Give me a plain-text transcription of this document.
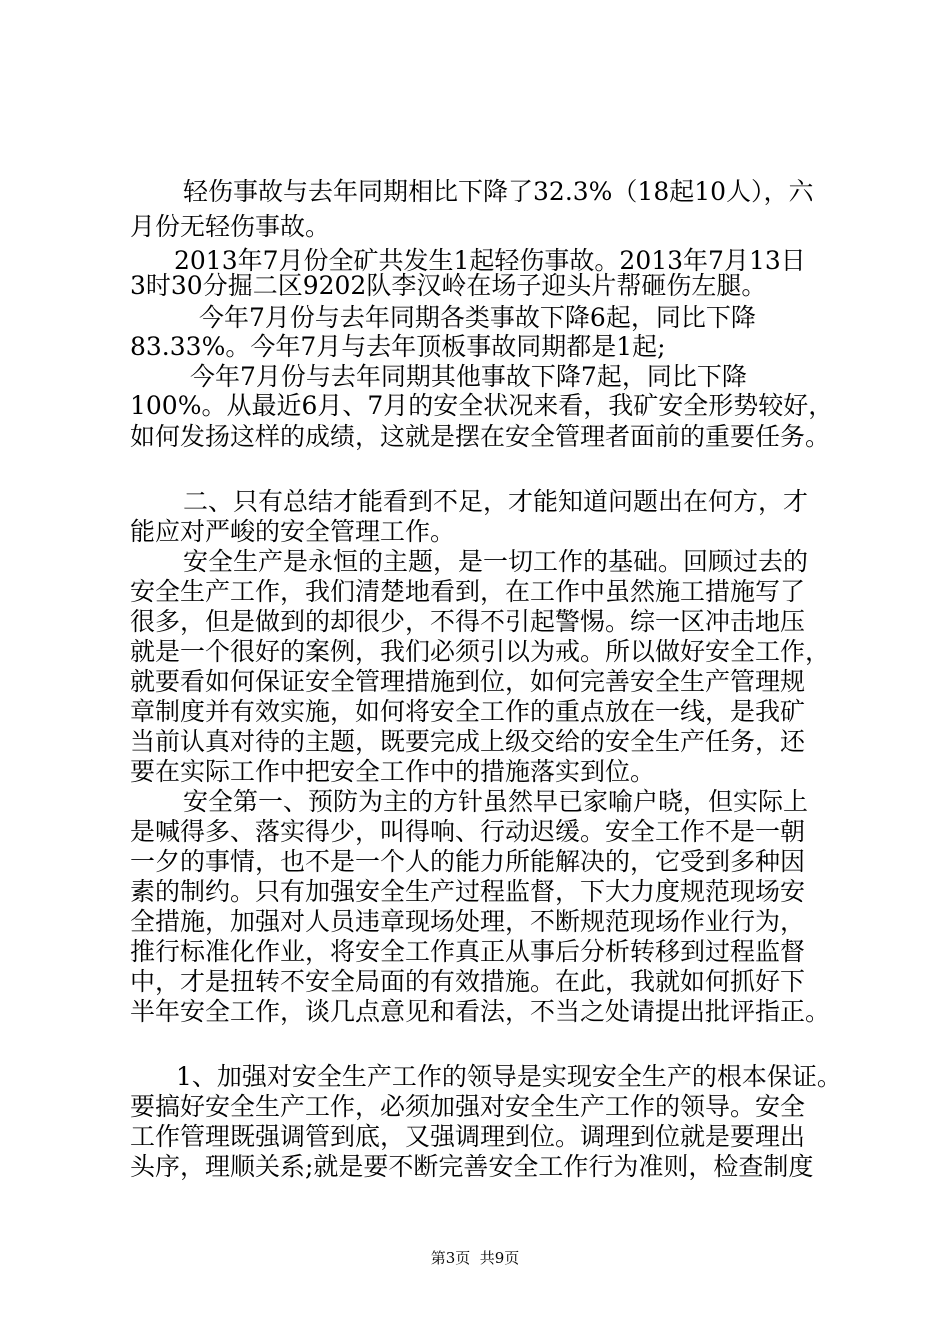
轻伤事故与去年同期相比下降了32.3%（18起10人），六
月份无轻伤事故。
2013年7月份全矿共发生1起轻伤事故。2013年7月13日
3时30分掘二区9202队李汉岭在场子迎头片帮砸伤左腿。
今年7月份与去年同期各类事故下降6起，同比下降
83.33%。今年7月与去年顶板事故同期都是1起;
今年7月份与去年同期其他事故下降7起，同比下降
100%。从最近6月、7月的安全状况来看，我矿安全形势较好，
如何发扬这样的成绩，这就是摆在安全管理者面前的重要任务。
二、只有总结才能看到不足，才能知道问题出在何方，才
能应对严峻的安全管理工作。
安全生产是永恒的主题，是一切工作的基础。回顾过去的
安全生产工作，我们清楚地看到，在工作中虽然施工措施写了
很多，但是做到的却很少，不得不引起警惕。综一区冲击地压
就是一个很好的案例，我们必须引以为戒。所以做好安全工作，
就要看如何保证安全管理措施到位，如何完善安全生产管理规
章制度并有效实施，如何将安全工作的重点放在一线，是我矿
当前认真对待的主题，既要完成上级交给的安全生产任务，还
要在实际工作中把安全工作中的措施落实到位。
安全第一、预防为主的方针虽然早已家喻户晓，但实际上
是喊得多、落实得少，叫得响、行动迟缓。安全工作不是一朝
一夕的事情，也不是一个人的能力所能解决的，它受到多种因
素的制约。只有加强安全生产过程监督，下大力度规范现场安
全措施，加强对人员违章现场处理，不断规范现场作业行为，
推行标准化作业，将安全工作真正从事后分析转移到过程监督
中，才是扭转不安全局面的有效措施。在此，我就如何抓好下
半年安全工作，谈几点意见和看法，不当之处请提出批评指正。
1、加强对安全生产工作的领导是实现安全生产的根本保证。
要搞好安全生产工作，必须加强对安全生产工作的领导。安全
工作管理既强调管到底，又强调理到位。调理到位就是要理出
头序，理顺关系;就是要不断完善安全工作行为准则，检查制度
第3页  共9页
